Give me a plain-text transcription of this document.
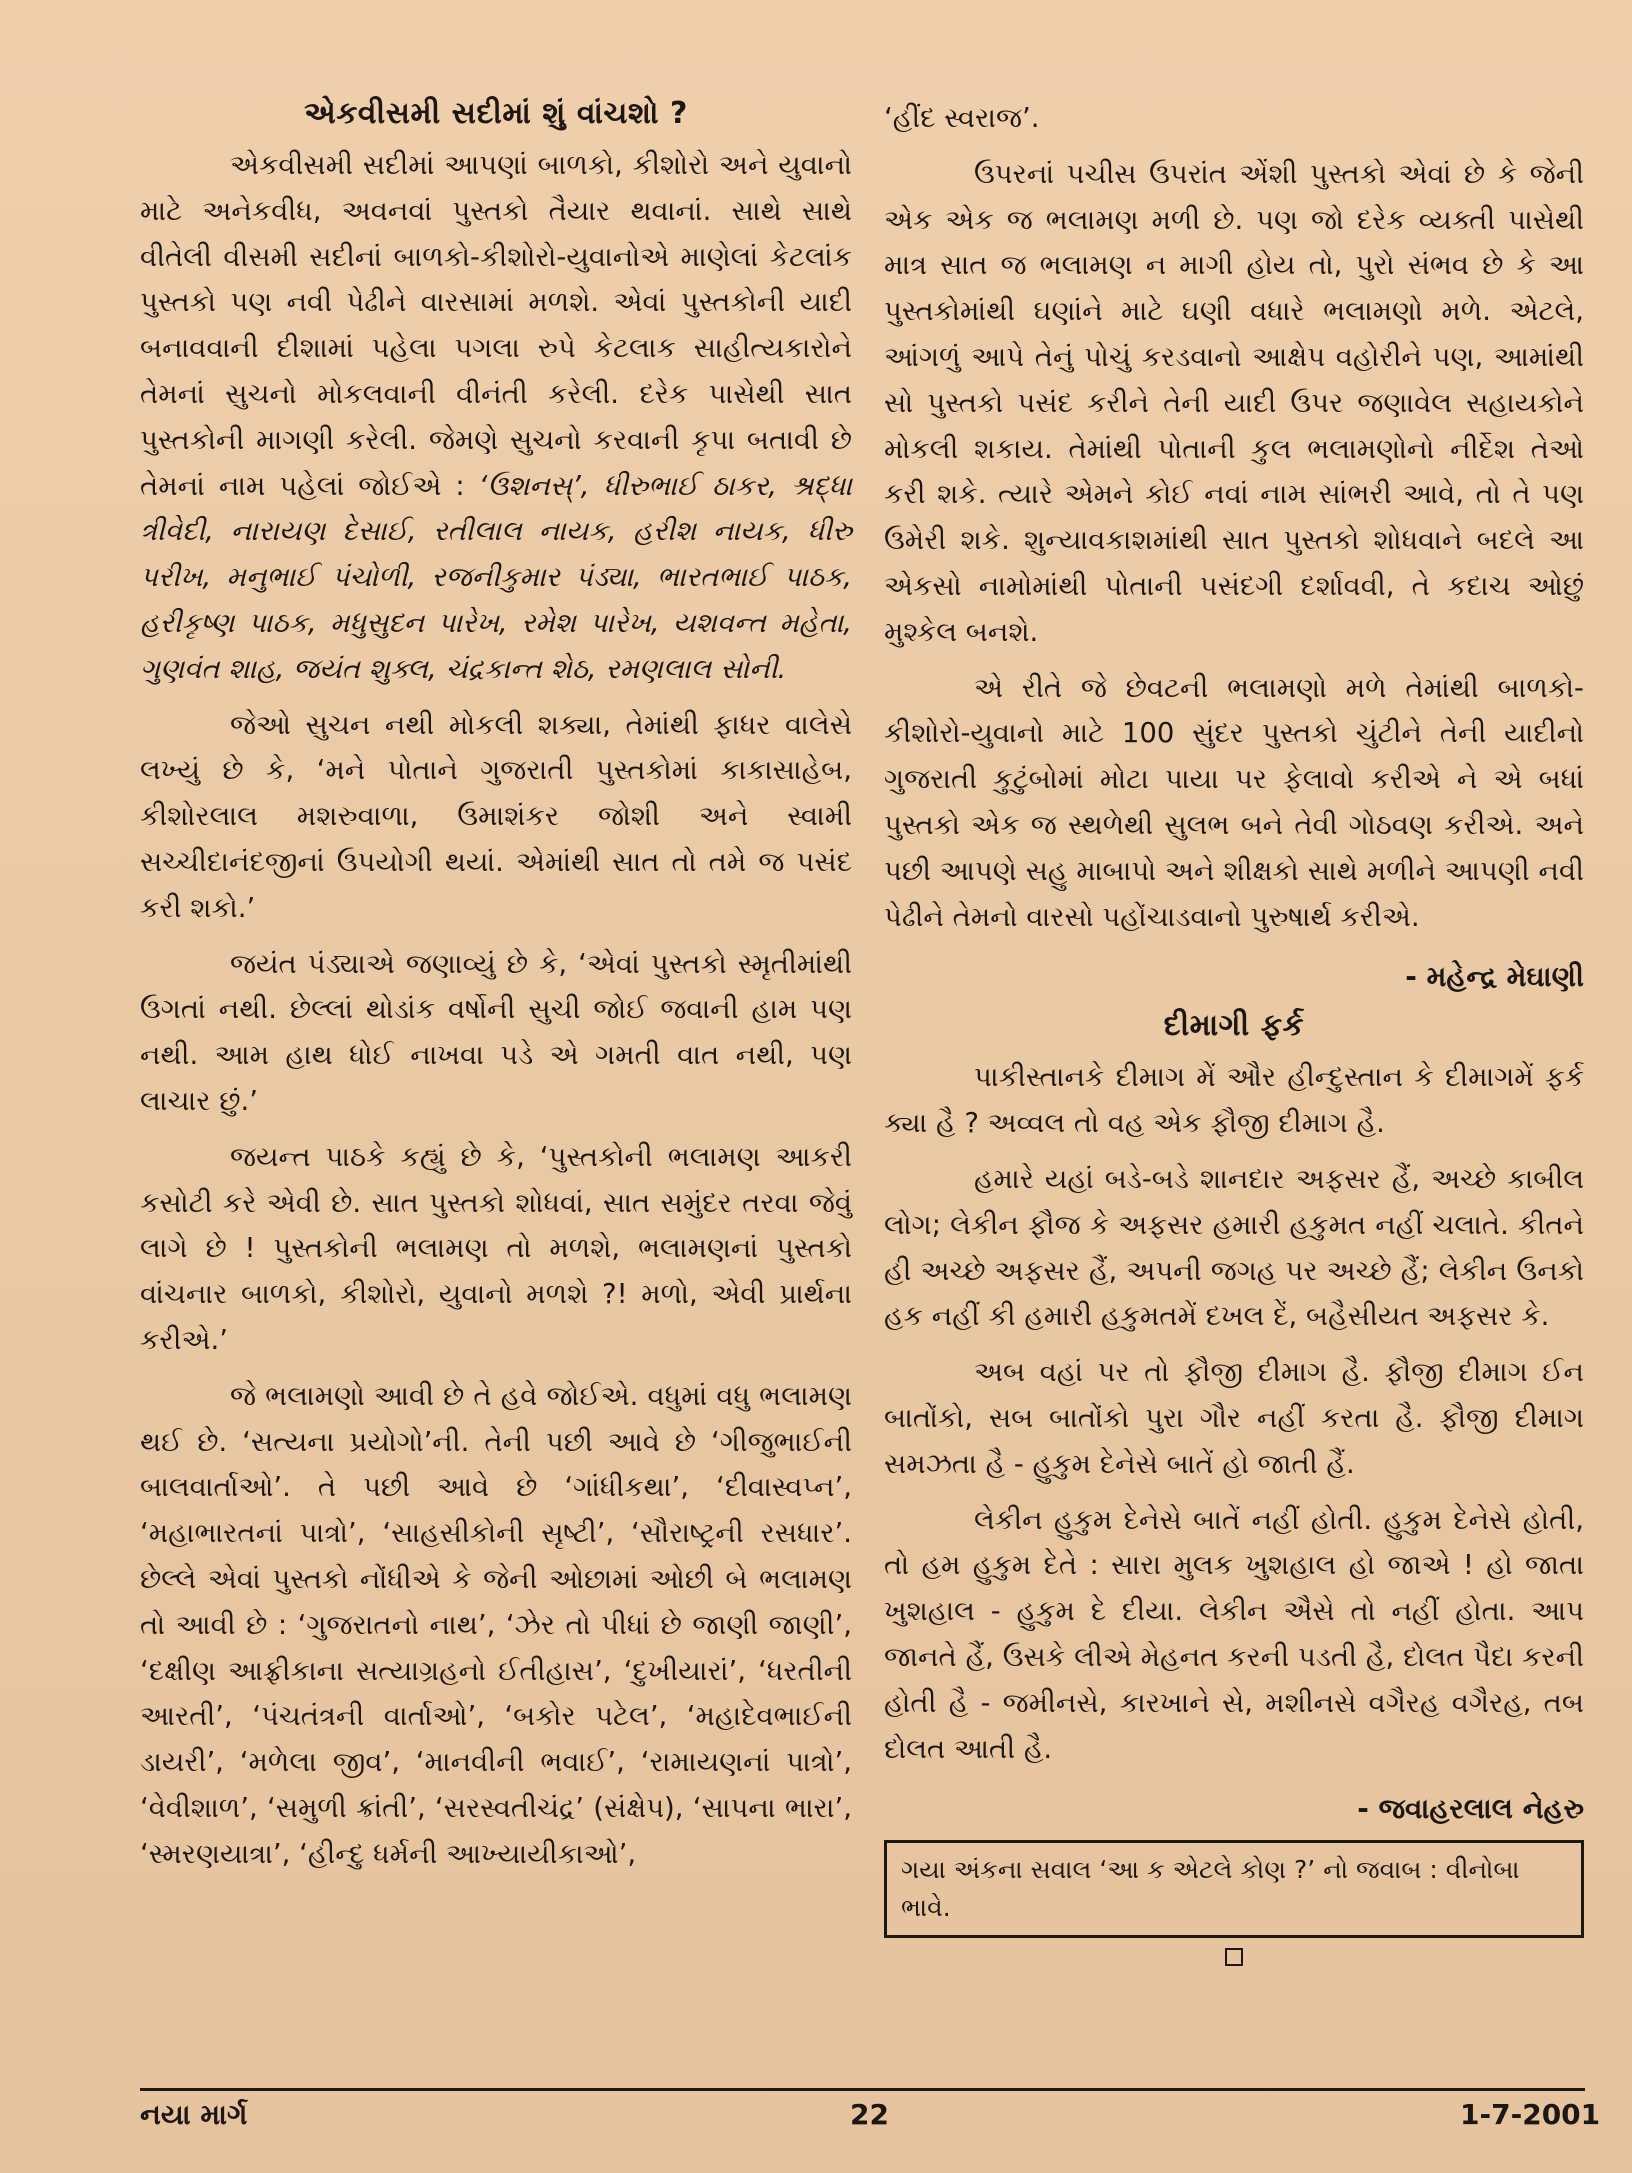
એકવીસમી સદીમાં શું વાંચશો ?

એકવીસમી સદીમાં આપણાં બાળકો, કીશોરો અને યુવાનો માટે અનેકવીધ, અવનવાં પુસ્તકો તૈયાર થવાનાં. સાથે સાથે વીતેલી વીસમી સદીનાં બાળકો-કીશોરો-યુવાનોએ માણેલાં કેટલાંક પુસ્તકો પણ નવી પેઢીને વારસામાં મળશે. એવાં પુસ્તકોની યાદી બનાવવાની દીશામાં પહેલા પગલા રુપે કેટલાક સાહીત્યકારોને તેમનાં સુચનો મોકલવાની વીનંતી કરેલી. દરેક પાસેથી સાત પુસ્તકોની માગણી કરેલી. જેમણે સુચનો કરવાની કૃપા બતાવી છે તેમનાં નામ પહેલાં જોઈએ : ‘ઉશનસ્’, ધીરુભાઈ ઠાકર, શ્રદ્ધા ત્રીવેદી, નારાયણ દેસાઈ, રતીલાલ નાયક, હરીશ નાયક, ધીરુ પરીખ, મનુભાઈ પંચોળી, રજનીકુમાર પંડ્યા, ભારતભાઈ પાઠક, હરીકૃષ્ણ પાઠક, મધુસુદન પારેખ, રમેશ પારેખ, યશવન્ત મહેતા, ગુણવંત શાહ, જયંત શુક્લ, ચંદ્રકાન્ત શેઠ, રમણલાલ સોની.

જેઓ સુચન નથી મોકલી શક્યા, તેમાંથી ફાધર વાલેસે લખ્યું છે કે, ‘મને પોતાને ગુજરાતી પુસ્તકોમાં કાકાસાહેબ, કીશોરલાલ મશરુવાળા, ઉમાશંકર જોશી અને સ્વામી સચ્ચીદાનંદજીનાં ઉપયોગી થયાં. એમાંથી સાત તો તમે જ પસંદ કરી શકો.’

જયંત પંડ્યાએ જણાવ્યું છે કે, ‘એવાં પુસ્તકો સ્મૃતીમાંથી ઉગતાં નથી. છેલ્લાં થોડાંક વર્ષોની સુચી જોઈ જવાની હામ પણ નથી. આમ હાથ ધોઈ નાખવા પડે એ ગમતી વાત નથી, પણ લાચાર છું.’

જયન્ત પાઠકે કહ્યું છે કે, ‘પુસ્તકોની ભલામણ આકરી કસોટી કરે એવી છે. સાત પુસ્તકો શોધવાં, સાત સમુંદર તરવા જેવું લાગે છે ! પુસ્તકોની ભલામણ તો મળશે, ભલામણનાં પુસ્તકો વાંચનાર બાળકો, કીશોરો, યુવાનો મળશે ?! મળો, એવી પ્રાર્થના કરીએ.’

જે ભલામણો આવી છે તે હવે જોઈએ. વધુમાં વધુ ભલામણ થઈ છે. ‘સત્યના પ્રયોગો’ની. તેની પછી આવે છે ‘ગીજુભાઈની બાલવાર્તાઓ’. તે પછી આવે છે ‘ગાંધીકથા’, ‘દીવાસ્વપ્ન’, ‘મહાભારતનાં પાત્રો’, ‘સાહસીકોની સૃષ્ટી’, ‘સૌરાષ્ટ્રની રસધાર’. છેલ્લે એવાં પુસ્તકો નોંધીએ કે જેની ઓછામાં ઓછી બે ભલામણ તો આવી છે : ‘ગુજરાતનો નાથ’, ‘ઝેર તો પીધાં છે જાણી જાણી’, ‘દક્ષીણ આફ્રીકાના સત્યાગ્રહનો ઈતીહાસ’, ‘દુખીયારાં’, ‘ધરતીની આરતી’, ‘પંચતંત્રની વાર્તાઓ’, ‘બકોર પટેલ’, ‘મહાદેવભાઈની ડાયરી’, ‘મળેલા જીવ’, ‘માનવીની ભવાઈ’, ‘રામાયણનાં પાત્રો’, ‘વેવીશાળ’, ‘સમુળી ક્રાંતી’, ‘સરસ્વતીચંદ્ર’ (સંક્ષેપ), ‘સાપના ભારા’, ‘સ્મરણયાત્રા’, ‘હીન્દુ ધર્મની આખ્યાયીકાઓ’,

‘હીંદ સ્વરાજ’.

ઉપરનાં પચીસ ઉપરાંત એંશી પુસ્તકો એવાં છે કે જેની એક એક જ ભલામણ મળી છે. પણ જો દરેક વ્યક્તી પાસેથી માત્ર સાત જ ભલામણ ન માગી હોય તો, પુરો સંભવ છે કે આ પુસ્તકોમાંથી ઘણાંને માટે ઘણી વધારે ભલામણો મળે. એટલે, આંગળું આપે તેનું પોચું કરડવાનો આક્ષેપ વહોરીને પણ, આમાંથી સો પુસ્તકો પસંદ કરીને તેની યાદી ઉપર જણાવેલ સહાયકોને મોકલી શકાય. તેમાંથી પોતાની કુલ ભલામણોનો નીર્દેશ તેઓ કરી શકે. ત્યારે એમને કોઈ નવાં નામ સાંભરી આવે, તો તે પણ ઉમેરી શકે. શુન્યાવકાશમાંથી સાત પુસ્તકો શોધવાને બદલે આ એકસો નામોમાંથી પોતાની પસંદગી દર્શાવવી, તે કદાચ ઓછું મુશ્કેલ બનશે.

એ રીતે જે છેવટની ભલામણો મળે તેમાંથી બાળકો-કીશોરો-યુવાનો માટે 100 સુંદર પુસ્તકો ચુંટીને તેની યાદીનો ગુજરાતી કુટુંબોમાં મોટા પાયા પર ફેલાવો કરીએ ને એ બધાં પુસ્તકો એક જ સ્થળેથી સુલભ બને તેવી ગોઠવણ કરીએ. અને પછી આપણે સહુ માબાપો અને શીક્ષકો સાથે મળીને આપણી નવી પેઢીને તેમનો વારસો પહોંચાડવાનો પુરુષાર્થ કરીએ.

- મહેન્દ્ર મેઘાણી
દીમાગી ફર્ક

પાકીસ્તાનકે દીમાગ મેં ઔર હીન્દુસ્તાન કે દીમાગમેં ફર્ક ક્યા હૈ ? અવ્વલ તો વહ એક ફૌજી દીમાગ હૈ.

હમારે યહાં બડે-બડે શાનદાર અફસર હૈં, અચ્છે કાબીલ લોગ; લેકીન ફૌજ કે અફસર હમારી હકુમત નહીં ચલાતે. કીતને હી અચ્છે અફસર હૈં, અપની જગહ પર અચ્છે હૈં; લેકીન ઉનકો હક નહીં કી હમારી હકુમતમેં દખલ દેં, બહૈસીયત અફસર કે.

અબ વહાં પર તો ફૌજી દીમાગ હૈ. ફૌજી દીમાગ ઈન બાતોંકો, સબ બાતોંકો પુરા ગૌર નહીં કરતા હૈ. ફૌજી દીમાગ સમઝતા હૈ - હુકુમ દેનેસે બાતેં હો જાતી હૈં.

લેકીન હુકુમ દેનેસે બાતેં નહીં હોતી. હુકુમ દેનેસે હોતી, તો હમ હુકુમ દેતે : સારા મુલક ખુશહાલ હો જાએ ! હો જાતા ખુશહાલ - હુકુમ દે દીયા. લેકીન ઐસે તો નહીં હોતા. આપ જાનતે હૈં, ઉસકે લીએ મેહનત કરની પડતી હૈ, દોલત પૈદા કરની હોતી હૈ - જમીનસે, કારખાને સે, મશીનસે વગૈરહ વગૈરહ, તબ દોલત આતી હૈ.

- જવાહરલાલ નેહરુ
ગયા અંકના સવાલ ‘આ ક એટલે કોણ ?’ નો જવાબ : વીનોબા ભાવે.
નયા માર્ગ	22	1-7-2001
